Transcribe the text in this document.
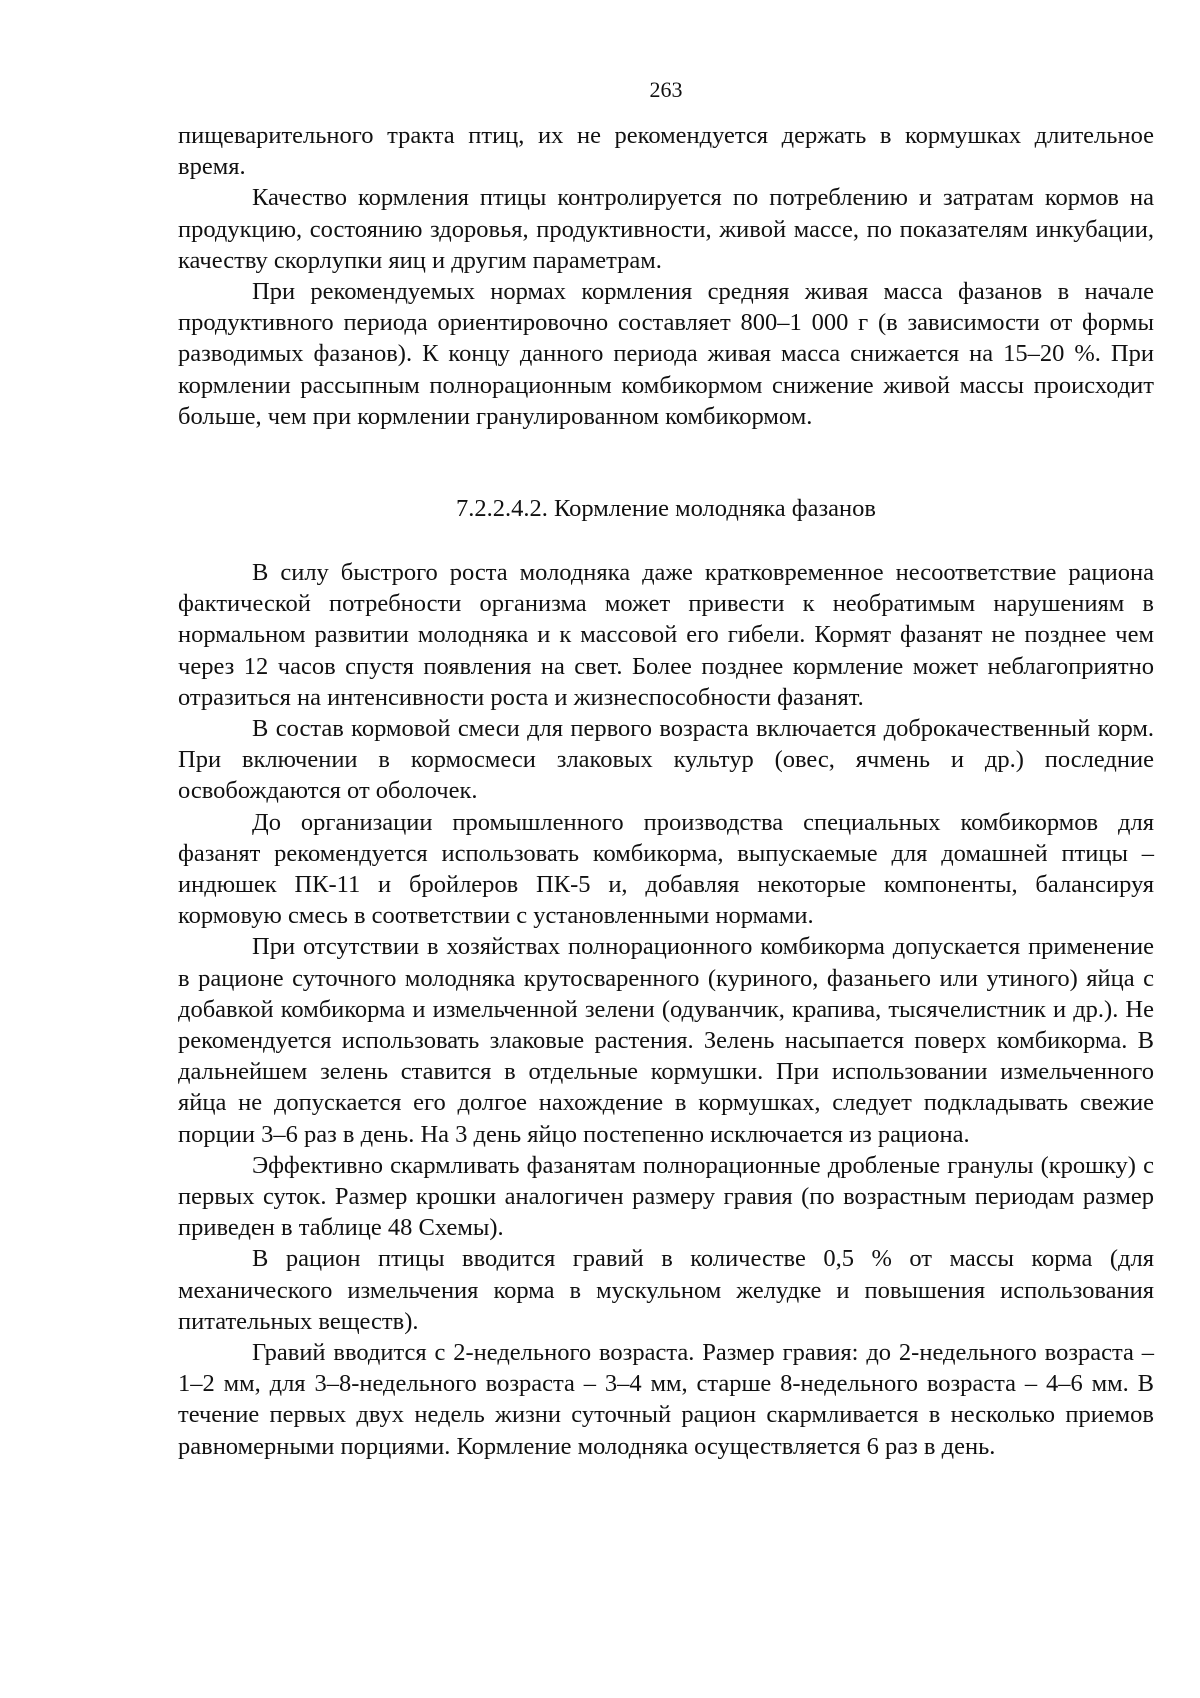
263

пищеварительного тракта птиц, их не рекомендуется держать в кормушках длительное время.

Качество кормления птицы контролируется по потреблению и затратам кормов на продукцию, состоянию здоровья, продуктивности, живой массе, по показателям инкубации, качеству скорлупки яиц и другим параметрам.

При рекомендуемых нормах кормления средняя живая масса фазанов в начале продуктивного периода ориентировочно составляет 800–1 000 г (в зависимости от формы разводимых фазанов). К концу данного периода живая масса снижается на 15–20 %. При кормлении рассыпным полнорационным комбикормом снижение живой массы происходит больше, чем при кормлении гранулированном комбикормом.

7.2.2.4.2. Кормление молодняка фазанов

В силу быстрого роста молодняка даже кратковременное несоответствие рациона фактической потребности организма может привести к необратимым нарушениям в нормальном развитии молодняка и к массовой его гибели. Кормят фазанят не позднее чем через 12 часов спустя появления на свет. Более позднее кормление может неблагоприятно отразиться на интенсивности роста и жизнеспособности фазанят.

В состав кормовой смеси для первого возраста включается доброкачественный корм. При включении в кормосмеси злаковых культур (овес, ячмень и др.) последние освобождаются от оболочек.

До организации промышленного производства специальных комбикормов для фазанят рекомендуется использовать комбикорма, выпускаемые для домашней птицы – индюшек ПК-11 и бройлеров ПК-5 и, добавляя некоторые компоненты, балансируя кормовую смесь в соответствии с установленными нормами.

При отсутствии в хозяйствах полнорационного комбикорма допускается применение в рационе суточного молодняка крутосваренного (куриного, фазаньего или утиного) яйца с добавкой комбикорма и измельченной зелени (одуванчик, крапива, тысячелистник и др.). Не рекомендуется использовать злаковые растения. Зелень насыпается поверх комбикорма. В дальнейшем зелень ставится в отдельные кормушки. При использовании измельченного яйца не допускается его долгое нахождение в кормушках, следует подкладывать свежие порции 3–6 раз в день. На 3 день яйцо постепенно исключается из рациона.

Эффективно скармливать фазанятам полнорационные дробленые гранулы (крошку) с первых суток. Размер крошки аналогичен размеру гравия (по возрастным периодам размер приведен в таблице 48 Схемы).

В рацион птицы вводится гравий в количестве 0,5 % от массы корма (для механического измельчения корма в мускульном желудке и повышения использования питательных веществ).

Гравий вводится с 2-недельного возраста. Размер гравия: до 2-недельного возраста – 1–2 мм, для 3–8-недельного возраста – 3–4 мм, старше 8-недельного возраста – 4–6 мм. В течение первых двух недель жизни суточный рацион скармливается в несколько приемов равномерными порциями. Кормление молодняка осуществляется 6 раз в день.
